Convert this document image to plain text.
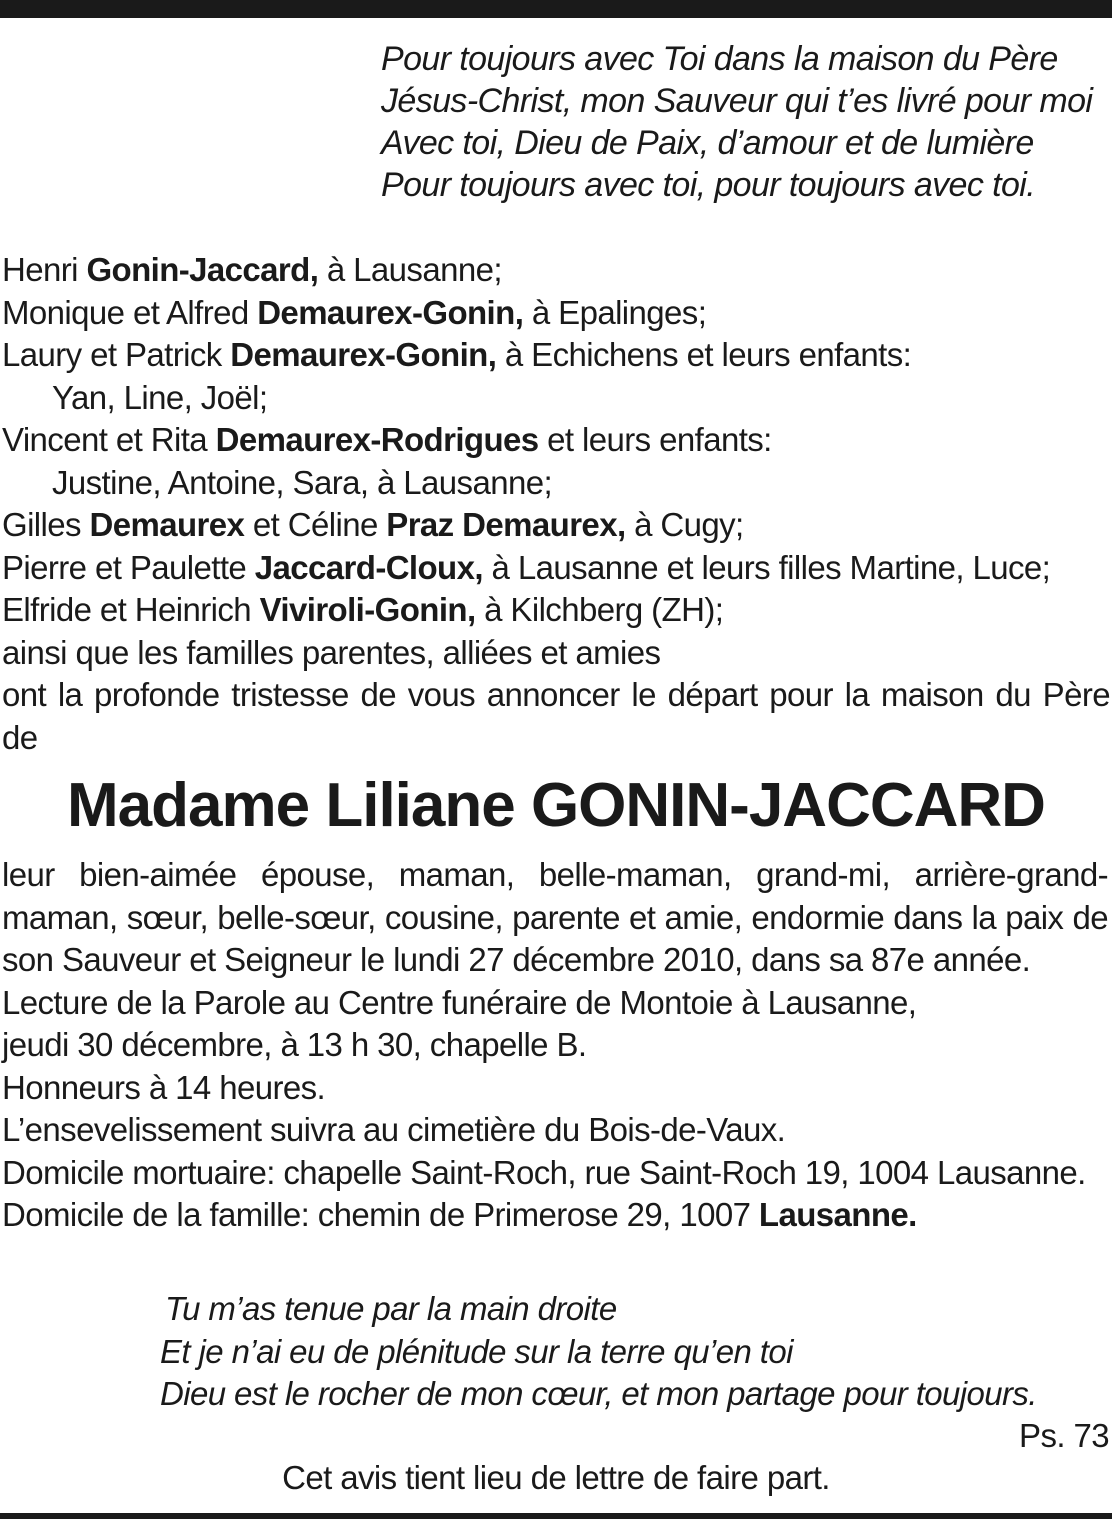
Pour toujours avec Toi dans la maison du Père
Jésus-Christ, mon Sauveur qui t’es livré pour moi
Avec toi, Dieu de Paix, d’amour et de lumière
Pour toujours avec toi, pour toujours avec toi.
Henri Gonin-Jaccard, à Lausanne;
Monique et Alfred Demaurex-Gonin, à Epalinges;
Laury et Patrick Demaurex-Gonin, à Echichens et leurs enfants:
Yan, Line, Joël;
Vincent et Rita Demaurex-Rodrigues et leurs enfants:
Justine, Antoine, Sara, à Lausanne;
Gilles Demaurex et Céline Praz Demaurex, à Cugy;
Pierre et Paulette Jaccard-Cloux, à Lausanne et leurs filles Martine, Luce;
Elfride et Heinrich Viviroli-Gonin, à Kilchberg (ZH);
ainsi que les familles parentes, alliées et amies
ont la profonde tristesse de vous annoncer le départ pour la maison du Père de
Madame Liliane GONIN-JACCARD
leur bien-aimée épouse, maman, belle-maman, grand-mi, arrière-grand-maman, sœur, belle-sœur, cousine, parente et amie, endormie dans la paix de son Sauveur et Seigneur le lundi 27 décembre 2010, dans sa 87e année.
Lecture de la Parole au Centre funéraire de Montoie à Lausanne,
jeudi 30 décembre, à 13 h 30, chapelle B.
Honneurs à 14 heures.
L’ensevelissement suivra au cimetière du Bois-de-Vaux.
Domicile mortuaire: chapelle Saint-Roch, rue Saint-Roch 19, 1004 Lausanne.
Domicile de la famille: chemin de Primerose 29, 1007 Lausanne.
Tu m’as tenue par la main droite
Et je n’ai eu de plénitude sur la terre qu’en toi
Dieu est le rocher de mon cœur, et mon partage pour toujours.
Ps. 73
Cet avis tient lieu de lettre de faire part.
